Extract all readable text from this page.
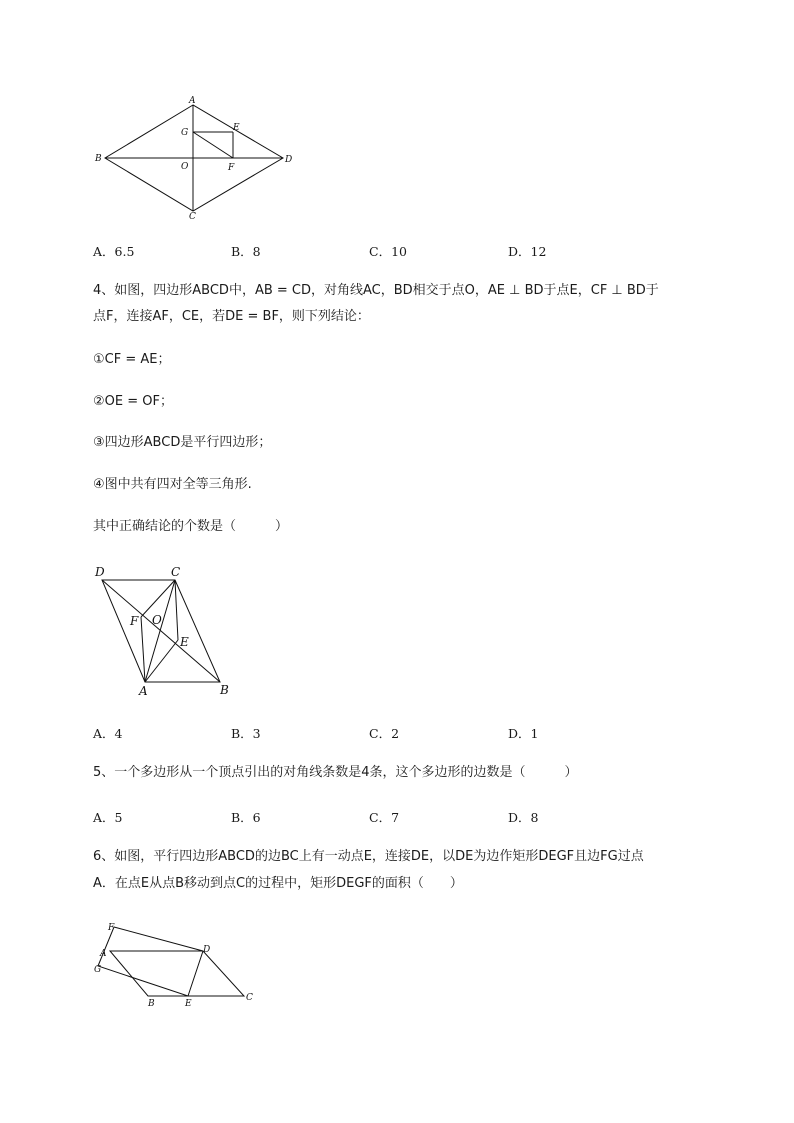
A
G	E
B
O	F
D
C
A．6.5	B．8	C．10	D．12
4、如图，四边形ABCD中，AB = CD，对角线AC，BD相交于点O，AE ⊥ BD于点E，CF ⊥ BD于
点F，连接AF，CE，若DE = BF，则下列结论：
①CF = AE；
②OE = OF；
③四边形ABCD是平行四边形；
④图中共有四对全等三角形.
其中正确结论的个数是（　　　）
D	C
F O
E
A	B
A．4	B．3	C．2	D．1
5、一个多边形从一个顶点引出的对角线条数是4条，这个多边形的边数是（　　　）
A．5	B．6	C．7	D．8
6、如图，平行四边形ABCD的边BC上有一动点E，连接DE，以DE为边作矩形DEGF且边FG过点
A．在点E从点B移动到点C的过程中，矩形DEGF的面积（　　）
F
A
G
D
B	E
C
